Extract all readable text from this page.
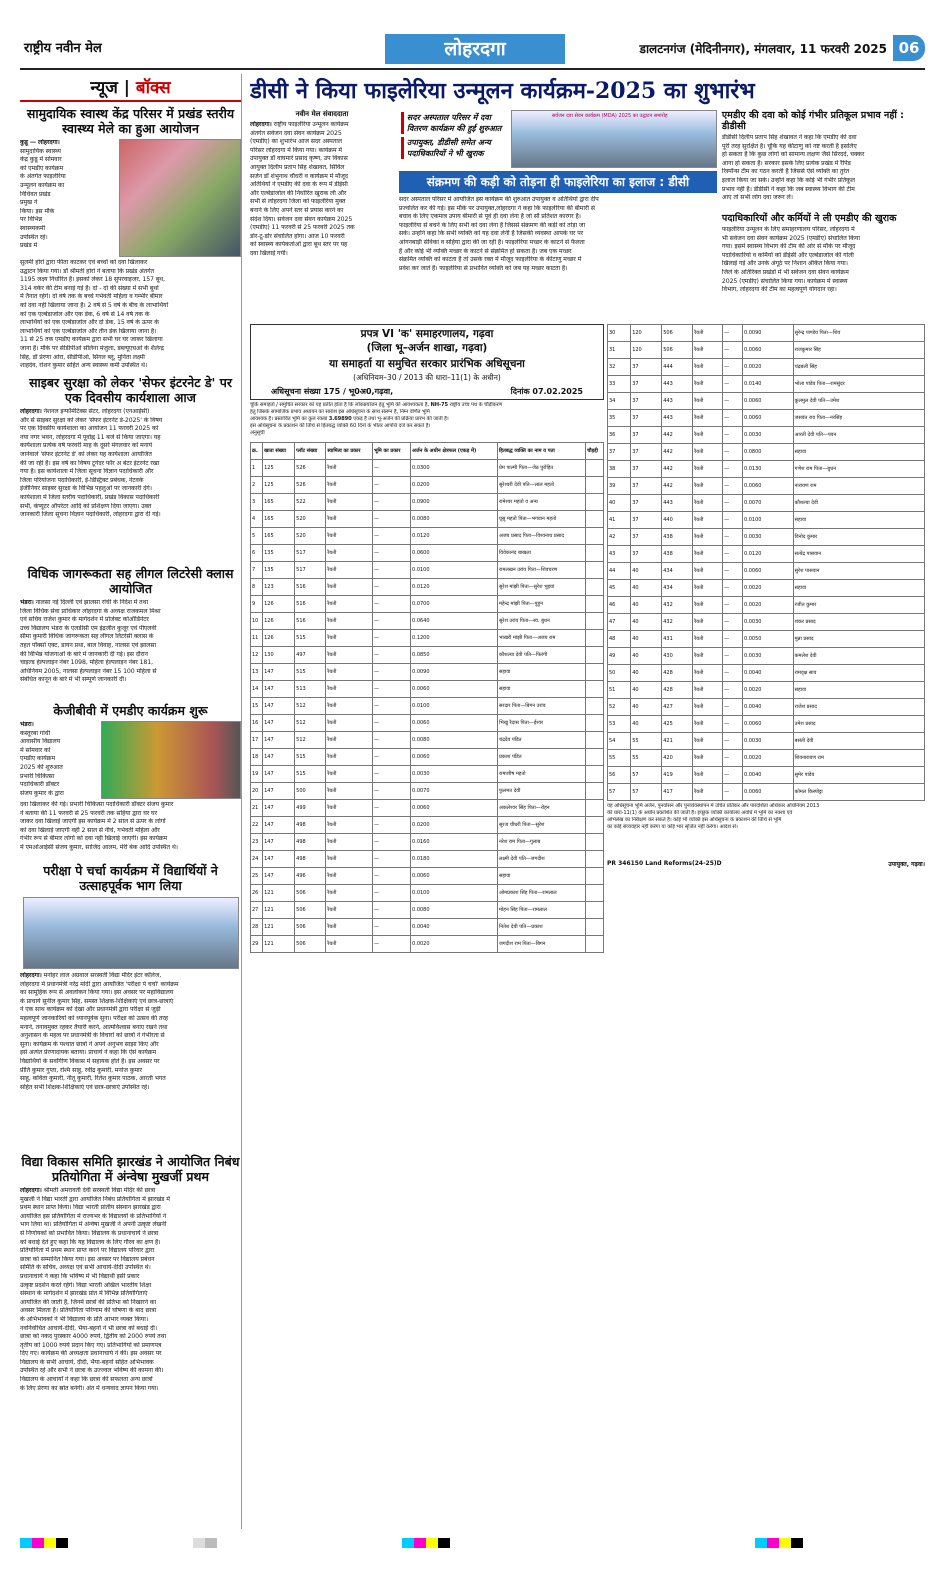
राष्ट्रीय नवीन मेल	लोहरदगा	डालटनगंज (मेदिनीनगर), मंगलवार, 11 फरवरी 2025 06
न्यूज | बॉक्स
सामुदायिक स्वास्थ केंद्र परिसर में प्रखंड स्तरीय स्वास्थ्य मेले का हुआ आयोजन
कुडू — लोहरदगा।
सामुदायिक स्वास्थ्य
केंद्र कुडू में सोमवार
को एमडीए कार्यक्रम
के अंतर्गत फाइलेरिया
उन्मूलन कार्यक्रम का
विधिवत प्रखंड
प्रमुख ने
किया। इस मौके
पर विभिन्न
स्वास्थ्यकर्मी
उपस्थित रहे।
प्रखंड में
सुलमी होरो द्वारा फीता काटकर एवं बच्चों को दवा खिलाकर
उद्घाटन किया गया। डॉ श्रीमती होरो ने बताया कि प्रखंड अंतर्गत
1195 लक्ष्य निर्धारित है। इसको लेकर 18 सुपरवाइजर, 157 बूथ,
314 वर्कर की टीम बनाई गई है। दो - दो की संख्या में सभी बूथों
में तैनात रहेंगे। दो वर्ष तक के बच्चे गर्भवती महिला व गम्भीर बीमार
को दवा नहीं खिलाया जाना है। 2 वर्ष से 5 वर्ष के बीच के लाभार्थियों
को एक एल्बेंडाजोल और एक डेक, 6 वर्ष से 14 वर्ष तक के
लाभार्थियों को एक एल्बेंडाजोल और दो डेक, 15 वर्ष के ऊपर के
लाभार्थियों को एक एल्बेंडाजोल और तीन डेक खिलाया जाना है।
11 से 25 तक एमडीए कार्यक्रम द्वारा सभी घर घर जाकर खिलाया
जाना है। मौके पर सीडीपीओ सेलिना मंजुला, डब्ल्यूएचओ के शैलेन्द्र
सिंह, डॉ प्रेरणा ओरा, सीडीपीओ, सिंगल ब्लू, मुनिता लक्ष्मी
शाहदेव, रोशन कुमार सहित अन्य स्वास्थ्य कर्मी उपस्थित थे।
साइबर सुरक्षा को लेकर 'सेफर इंटरनेट डे' पर एक दिवसीय कार्यशाला आज
लोहरदगा। नेशनल इन्फॉर्मेटिक्स सेंटर, लोहरदगा (एनआईसी)
और से साइबर सुरक्षा को लेकर 'सेफर इंटरनेट डे-2025' के विषय
पर एक दिवसीय कार्यशाला का आयोजन 11 फरवरी 2025 को
नया नगर भवन, लोहरदगा में पूर्वाह्न 11 बजे से किया जाएगा। यह
कार्यशाला प्रत्येक वर्ष फरवरी माह के दूसरे मंगलवार को मनाये
जानेवाले 'सेफर इंटरनेट डे' को लेकर यह कार्यशाला आयोजित
की जा रही है। इस वर्ष का विषय टूगेदर फॉर अ बेटर इंटरनेट रखा
गया है। इस कार्यशाला में जिला सूचना विज्ञान पदाधिकारी और
जिला परियोजना पदाधिकारी, ई-डिस्ट्रिक्ट प्रबंधक, नेटवर्क
इंजीनियर साइबर सुरक्षा के विभिन्न पहलुओं पर जानकारी देंगे।
कार्यशाला में जिला स्तरीय पदाधिकारी, प्रखंड विकास पदाधिकारी
सभी, कंप्यूटर ऑपरेटर आदि को प्रशिक्षण दिया जाएगा। उक्त
जानकारी जिला सूचना विज्ञान पदाधिकारी, लोहरदगा द्वारा दी गई।
विधिक जागरूकता सह लीगल लिटरेसी क्लास आयोजित
भंडरा। नालसा नई दिल्ली एवं झालसा रांची के निर्देश में तथा
जिला विधिक सेवा प्राधिकार लोहरदगा के अध्यक्ष राजकमल मिश्रा
एवं सचिव राजेश कुमार के मार्गदर्शन में प्रोजेक्ट कोऑर्डिनेटर
उच्च विद्यालय भंडरा के एलडीसी एम इंद्रजीत कुजूर एवं पीएलवी
सीमा कुमारी विधिक जागरूकता सह लीगल लिटरेसी क्लास के
तहत पॉक्सो एक्ट, डायन प्रथा, बाल विवाह, नालसा एवं झालसा
की विभिन्न योजनाओं के बारे में जानकारी दी गई। इस दौरान
चाइल्ड हेल्पलाइन नंबर 1098, महिला हेल्पलाइन नंबर 181,
अधिनियम 2005, नालसा हेल्पलाइन नंबर 15 100 महिला से
संबंधित कानून के बारे में भी सम्पूर्ण जानकारी दी।
केजीबीवी में एमडीए कार्यक्रम शुरू
भंडरा।
कस्तूरबा गांधी
आवासीय विद्यालय
में सोमवार को
एमडीए कार्यक्रम
2025 की शुरुआत
प्रभारी चिकित्सा
पदाधिकारी डॉक्टर
संजय कुमार के द्वारा
दवा खिलाकर की गई। प्रभारी चिकित्सा पदाधिकारी डॉक्टर संजय कुमार
ने बताया की 11 फरवरी से 25 फरवरी तक सहिया द्वारा घर घर
जाकर दवा खिलाई जाएगी इस कार्यक्रम में 2 साल से ऊपर के लोगों
को दवा खिलाई जाएगी वही 2 साल से नीचे, गर्भवती महिला और
गंभीर रूप से बीमार लोगों को दवा नहीं खिलाई जाएगी। इस कार्यक्रम
में एमओआईसी संजय कुमार, साजिद आलम, मेरी बेक आदि उपस्थित थे।
परीक्षा पे चर्चा कार्यक्रम में विद्यार्थियों ने उत्साहपूर्वक भाग लिया
लोहरदगा। मनोहर लाल अग्रवाल सरस्वती विद्या मंदिर इंटर कॉलेज,
लोहरदगा में प्रधानमंत्री नरेंद्र मोदी द्वारा आयोजित 'परीक्षा पे चर्चा' कार्यक्रम
का सामूहिक रूप से अवलोकन किया गया। इस अवसर पर महाविद्यालय
के प्राचार्य सुनील कुमार सिंह, समस्त शिक्षक-शिक्षिकाएं एवं छात्र-छात्राएं
ने एक साथ कार्यक्रम को देखा और प्रधानमंत्री द्वारा परीक्षा से जुड़ी
महत्वपूर्ण जानकारियों को ध्यानपूर्वक सुना। परीक्षा को उत्सव की तरह
मनाने, तनावमुक्त रहकर तैयारी करने, आत्मविश्वास बनाए रखने तथा
अनुशासन के महत्व पर प्रधानमंत्री के विचारों को छात्रों ने गंभीरता से
सुना। कार्यक्रम के पश्चात छात्रों ने अपने अनुभव साझा किए और
इसे अत्यंत प्रेरणादायक बताया। प्राचार्य ने कहा कि ऐसे कार्यक्रम
विद्यार्थियों के सर्वांगीण विकास में सहायक होते हैं। इस अवसर पर
प्रीति कुमार गुप्ता, रश्मि साहू, रवींद्र कुमारी, मनोज कुमार
साहू, कविता कुमारी, नीतू कुमारी, रितेश कुमार पाठक, आरती भगत
सहित सभी शिक्षक-शिक्षिकाएं एवं छात्र-छात्राएं उपस्थित रहे।
विद्या विकास समिति झारखंड ने आयोजित निबंध प्रतियोगिता में अंन्वेषा मुखर्जी प्रथम
लोहरदगा। श्रीमती अमरावती देवी सरस्वती विद्या मंदिर की छात्रा
मुखर्जी ने विद्या भारती द्वारा आयोजित निबंध प्रतियोगिता में झारखंड में
प्रथम स्थान प्राप्त किया। विद्या भारती प्रांतीय संस्थान झारखंड द्वारा
आयोजित इस प्रतियोगिता में राज्यभर के विद्यालयों के प्रतिभागियों ने
भाग लिया था। प्रतियोगिता में अंन्वेषा मुखर्जी ने अपनी उत्कृष्ट लेखनी
से निर्णायकों को प्रभावित किया। विद्यालय के प्रधानाचार्य ने छात्रा
को बधाई देते हुए कहा कि यह विद्यालय के लिए गौरव का क्षण है।
प्रतियोगिता में प्रथम स्थान प्राप्त करने पर विद्यालय परिवार द्वारा
छात्रा को सम्मानित किया गया। इस अवसर पर विद्यालय प्रबंधन
समिति के सचिव, अध्यक्ष एवं सभी आचार्य-दीदी उपस्थित थे।
प्रधानाचार्य ने कहा कि भविष्य में भी विद्यार्थी इसी प्रकार
उत्कृष्ट प्रदर्शन करते रहेंगे। विद्या भारती अखिल भारतीय शिक्षा
संस्थान के मार्गदर्शन में झारखंड प्रांत में विभिन्न प्रतियोगिताएं
आयोजित की जाती हैं, जिनमें छात्रों की प्रतिभा को निखारने का
अवसर मिलता है। प्रतियोगिता परिणाम की घोषणा के बाद छात्रा
के अभिभावकों ने भी विद्यालय के प्रति आभार व्यक्त किया।
नवनिर्वाचित आचार्य-दीदी, भैया-बहनों ने भी छात्रा को बधाई दी।
छात्रा को नकद पुरस्कार 4000 रुपये, द्वितीय को 2000 रुपये तथा
तृतीय को 1000 रुपये प्रदान किए गए। प्रतिभागियों को प्रमाणपत्र
दिए गए। कार्यक्रम की अध्यक्षता प्रधानाचार्य ने की। इस अवसर पर
विद्यालय के सभी आचार्य, दीदी, भैया-बहनों सहित अभिभावक
उपस्थित रहे और सभी ने छात्रा के उज्ज्वल भविष्य की कामना की।
विद्यालय के आचार्यों ने कहा कि छात्रा की सफलता अन्य छात्रों
के लिए प्रेरणा का स्रोत बनेगी। अंत में धन्यवाद ज्ञापन किया गया।
डीसी ने किया फाइलेरिया उन्मूलन कार्यक्रम-2025 का शुभारंभ
नवीन मेल संवाददाता
लोहरदगा। राष्ट्रीय फाइलेरिया उन्मूलन कार्यक्रम
अंतर्गत सर्वजन दवा सेवन कार्यक्रम 2025
(एमडीए) का शुभारंभ आज सदर अस्पताल
परिसर लोहरदगा में किया गया। कार्यक्रम में
उपायुक्त डॉ वाघमारे प्रसाद कृष्ण, उप विकास
आयुक्त दिलीप प्रताप सिंह शेखावत, सिविल
सर्जन डॉ शंभुनाथ चौधरी व कार्यक्रम में मौजूद
अतिथियों ने एमडीए की दवा के रूप में डीईसी
और एल्बेंडाजोल की निर्धारित खुराक ली और
सभी से लोहरदगा जिला को फाइलेरिया मुक्त
बनाने के लिए अपने स्तर से प्रयास करने का
संदेश दिया। सर्वजन दवा सेवन कार्यक्रम 2025
(एमडीए) 11 फरवरी से 25 फरवरी 2025 तक
डोर-टू-डोर संचालित होगा। आज 10 फरवरी
को स्वास्थ्य कार्यकर्ताओं द्वारा बूथ स्तर पर यह
दवा खिलाई गयी।
सदर अस्पताल परिसर में दवा वितरण कार्यक्रम की हुई शुरुआत
उपायुक्त, डीडीसी समेत अन्य पदाधिकारियों ने भी खुराक
सर्वजन दवा सेवन कार्यक्रम (MDA) 2025 का उद्घाटन समारोह
संक्रमण की कड़ी को तोड़ना ही फाइलेरिया का इलाज : डीसी
सदर अस्पताल परिसर में आयोजित इस कार्यक्रम की शुरुआत उपायुक्त व अतिथियों द्वारा दीप
प्रज्वलित कर की गई। इस मौके पर उपायुक्त,लोहरदगा ने कहा कि फाइलेरिया की बीमारी से
बचाव के लिए एकमात्र उपाय बीमारी से पूर्व ही दवा लेना है जो सौ प्रतिशत कारगर है।
फाइलेरिया से बचने के लिए सभी को दवा लेना है जिससे संक्रमण की कड़ी को तोड़ा जा
सके। उन्होंने कहा कि सभी व्यक्ति को यह दवा लेनी है जिसकी व्यवस्था आपके घर पर
आंगनबाड़ी सेविका व सहिया द्वारा की जा रही है। फाइलेरिया मच्छर के काटने से फैलता
है और कोई भी व्यक्ति मच्छर के काटने से संक्रमित हो सकता है। जब एक मच्छर
संक्रमित व्यक्ति को काटता है तो उसके रक्त में मौजूद फाइलेरिया के कीटाणु मच्छर में
प्रवेश कर जाते हैं। फाइलेरिया से प्रभावित व्यक्ति को जब यह मच्छर काटता है।
एमडीए की दवा को कोई गंभीर प्रतिकूल प्रभाव नहीं : डीडीसी
डीडीसी दिलीप प्रताप सिंह शेखावत ने कहा कि एमडीए की दवा
पूरी तरह सुरक्षित है। चूंकि यह कीटाणु को नष्ट करती है इसलिए
हो सकता है कि कुछ लोगों को सामान्य लक्षण जैसे सिरदर्द, चक्कर
आना हो सकता है। सरकार इसके लिए प्रत्येक प्रखंड में रैपिड
रिस्पॉन्स टीम का गठन करती है जिससे ऐसे व्यक्ति का तुरंत
इलाज किया जा सके। उन्होंने कहा कि कोई भी गंभीर प्रतिकूल
प्रभाव नहीं है। डीडीसी ने कहा कि जब स्वास्थ्य विभाग की टीम
आए तो सभी लोग दवा जरूर लें।
पदाधिकारियों और कर्मियों ने ली एमडीए की खुराक
फाइलेरिया उन्मूलन के लिए समाहरणालय परिसर, लोहरदगा में
भी सर्वजन दवा सेवन कार्यक्रम 2025 (एमडीए) संचालित किया
गया। इसमें स्वास्थ्य विभाग की टीम की ओर से मौके पर मौजूद
पदाधिकारियों व कर्मियों को डीईसी और एल्बेंडाजोल की गोली
खिलाई गई और उनके अंगूठे पर निशान अंकित किया गया।
जिले के अतिरिक्त प्रखंडों में भी सर्वजन दवा सेवन कार्यक्रम
2025 (एमडीए) संचालित किया गया। कार्यक्रम में स्वास्थ्य
विभाग, लोहरदगा की टीम का महत्वपूर्ण योगदान रहा।
प्रपत्र VI 'क' समाहरणालय, गढ़वा
(जिला भू–अर्जन शाखा, गढ़वा)
या समाहर्ता या समुचित सरकार प्रारंभिक अधिसूचना
(अधिनियम–30 / 2013 की धारा–11(1) के अधीन)
अधिसूचना संख्या 175 / भू0अ0,गढ़वा,	दिनांक 07.02.2025
चूंकि समाहर्ता / समुचित सरकार को यह प्रतीत होता है कि लोकप्रयोजन हेतु भूमि की आवश्यकता है, NH-75 राष्ट्रीय उच्च पथ के चौड़ीकरण
हेतु जिसके सामाजिक प्रभाव अध्ययन का सारांश इस अधिसूचना के साथ संलग्न है, निम्न वर्णित भूमि
आवश्यक है। प्रस्तावित भूमि का कुल रकबा 3.69890 एकड़ है तथा भू-अर्जन की प्रक्रिया प्रारंभ की जाती है।
इस अधिसूचना के प्रकाशन की तिथि से हितबद्ध व्यक्ति 60 दिनों के भीतर आपत्ति दर्ज कर सकते हैं।
अनुसूची
क्र.	खाता संख्या	प्लॉट संख्या	स्वामित्व का प्रकार	भूमि का प्रकार	अर्जन के अधीन क्षेत्रफल (एकड़ में)	हितबद्ध व्यक्ति का नाम व पता	चौहद्दी
1	125	526	रैयती	—	0.0300	प्रेम पाल्मी पिता—जेठ पुरोहित	
2	125	526	रैयती	—	0.0200	सुरेश्वरी देवी पति—लाल महतो	
3	165	522	रैयती	—	0.0900	रामेश्वर महतो व अन्य	
4	165	520	रैयती	—	0.0080	घूसु महतो पिता—भगवान महतो	
5	165	520	रैयती	—	0.0120	अजय प्रसाद पिता—विश्वनाथ प्रसाद	
6	135	517	रैयती	—	0.0600	विवेकानंद बाखला	
7	135	517	रैयती	—	0.0100	रामलखन उरांव पिता—शिवचरण	
8	123	516	रैयती	—	0.0120	सुरेश मांझी पिता—सुरेश भुइयां	
9	126	516	रैयती	—	0.0700	महेन्द्र मांझी पिता—पुहुन	
10	126	516	रैयती	—	0.0640	सुरेश उरांव पिता—स्व. बुधन	
11	126	515	रैयती	—	0.1200	भाखरी मांझी पिता—अजय राम	
12	130	497	रैयती	—	0.0850	कौशल्या देवी पति—फिरंगी	
13	147	515	रैयती	—	0.0090	सहावा	
14	147	513	रैयती	—	0.0060	सहावा	
15	147	512	रैयती	—	0.0100	सरदार पिता—बिगन उरांव	
16	147	512	रैयती	—	0.0060	भिखु रैदास पिता—ईश्वर	
17	147	512	रैयती	—	0.0080	चंद्रदेव पंडित	
18	147	515	रैयती	—	0.0060	प्रकाश पंडित	
19	147	515	रैयती	—	0.0030	रामाशीष महतो	
20	147	500	रैयती	—	0.0070	फुलमत देवी	
21	147	499	रैयती	—	0.0060	अकलेश्वर सिंह पिता—रोहन	
22	147	498	रैयती	—	0.0200	सूरज चौधरी पिता—सुरेश	
23	147	498	रैयती	—	0.0160	नरेश राम पिता—गुलाब	
24	147	498	रैयती	—	0.0180	लक्ष्मी देवी पति—जगदीश	
25	147	496	रैयती	—	0.0060	सहावा	
26	121	506	रैयती	—	0.0100	ओमप्रकाश सिंह पिता—रामलाल	
27	121	506	रैयती	—	0.0080	मोहन सिंह पिता—रामलाल	
28	121	506	रैयती	—	0.0040	नितेश देवी पति—प्रकाश	
29	121	506	रैयती	—	0.0020	जगदीश राम पिता—बिगन	
30	120	506	रैयती	—	0.0090	सुरेन्द्र पाण्डेय पिता—शिव
31	120	506	रैयती	—	0.0060	राजकुमार सिंह
32	37	444	रैयती	—	0.0020	चंद्रबली सिंह
33	37	443	रैयती	—	0.0140	भोला पांडेय पिता—रामसुंदर
34	37	443	रैयती	—	0.0060	कुलमुल देवी पति—उमेश
35	37	443	रैयती	—	0.0060	जसवंत राय पिता—नरसिंह
36	37	442	रैयती	—	0.0030	आरती देवी पति—पवन
37	37	442	रैयती	—	0.0800	सहावा
38	37	442	रैयती	—	0.0130	गणेश राम पिता—बुधन
39	37	442	रैयती	—	0.0060	नारायण राम
40	37	443	रैयती	—	0.0070	कौशल्या देवी
41	37	440	रैयती	—	0.0100	सहावा
42	37	438	रैयती	—	0.0030	विनोद कुमार
43	37	438	रैयती	—	0.0120	सत्येंद्र पासवान
44	40	434	रैयती	—	0.0060	सुरेश पासवान
45	40	434	रैयती	—	0.0020	सहावा
46	40	432	रैयती	—	0.0020	रंजीत कुमार
47	40	432	रैयती	—	0.0030	शंकर प्रसाद
48	40	431	रैयती	—	0.0050	मुन्ना प्रसाद
49	40	430	रैयती	—	0.0030	कमलेश देवी
50	40	428	रैयती	—	0.0040	रामवृक्ष साव
51	40	428	रैयती	—	0.0020	सहावा
52	40	427	रैयती	—	0.0040	राजेश प्रसाद
53	40	425	रैयती	—	0.0060	उमेश प्रसाद
54	55	421	रैयती	—	0.0030	बसंती देवी
55	55	420	रैयती	—	0.0020	शिवनारायण राम
56	57	419	रैयती	—	0.0040	सुमेर पांडेय
57	57	417	रैयती	—	0.0060	कोमल किस्पोट्टा
यह अधिसूचना भूमि अर्जन, पुनर्वासन और पुनर्व्यवस्थापन में उचित प्रतिकर और पारदर्शिता अधिकार अधिनियम 2013
की धारा-11(1) के अधीन प्रकाशित की जाती है। इच्छुक व्यक्ति कार्यालय अवधि में भूमि का नक्शा एवं
अभिलेख का निरीक्षण कर सकते हैं। कोई भी व्यक्ति इस अधिसूचना के प्रकाशन की तिथि से भूमि
का कोई संव्यवहार नहीं करेगा या कोई भार सृजित नहीं करेगा। आदेश से।
PR 346150 Land Reforms(24-25)D	उपायुक्त, गढ़वा।
